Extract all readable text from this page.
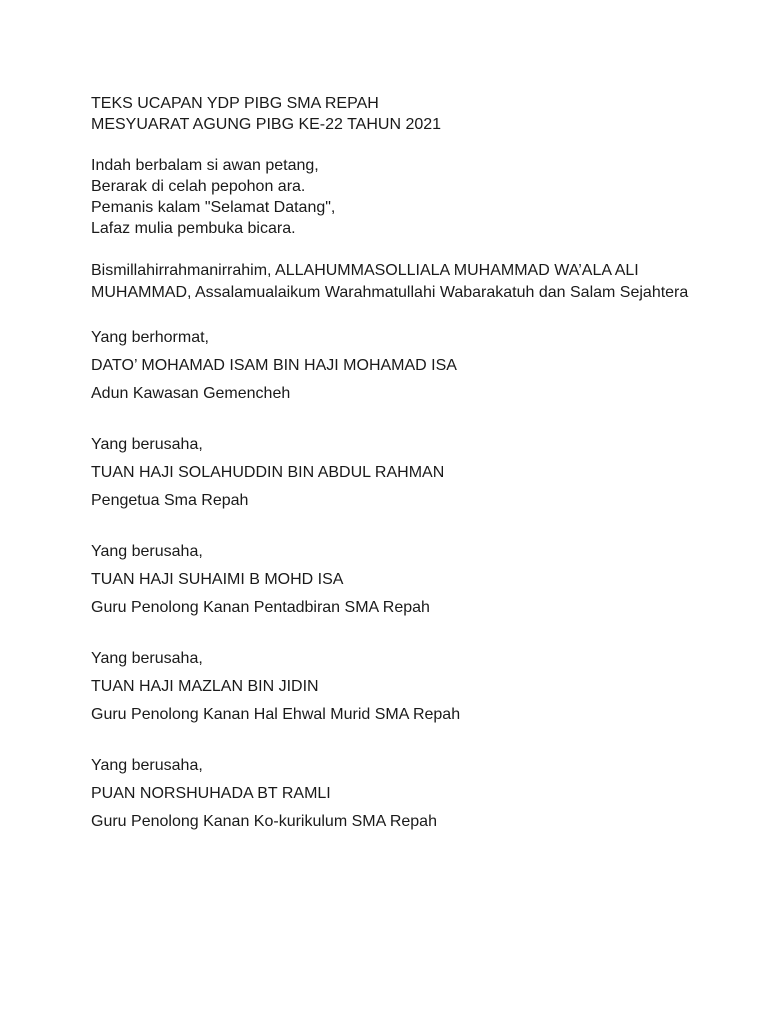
TEKS UCAPAN YDP PIBG SMA REPAH
MESYUARAT AGUNG PIBG KE-22 TAHUN 2021
Indah berbalam si awan petang,
Berarak di celah pepohon ara.
Pemanis kalam "Selamat Datang",
Lafaz mulia pembuka bicara.
Bismillahirrahmanirrahim, ALLAHUMMASOLLIALA MUHAMMAD WA’ALA ALI MUHAMMAD, Assalamualaikum Warahmatullahi Wabarakatuh dan Salam Sejahtera
Yang berhormat,
DATO’ MOHAMAD ISAM BIN HAJI MOHAMAD ISA
Adun Kawasan Gemencheh
Yang berusaha,
TUAN HAJI SOLAHUDDIN BIN ABDUL RAHMAN
Pengetua Sma Repah
Yang berusaha,
TUAN HAJI SUHAIMI B MOHD ISA
Guru Penolong Kanan Pentadbiran SMA Repah
Yang berusaha,
TUAN HAJI MAZLAN BIN JIDIN
Guru Penolong Kanan Hal Ehwal Murid SMA Repah
Yang berusaha,
PUAN NORSHUHADA BT RAMLI
Guru Penolong Kanan Ko-kurikulum SMA Repah
